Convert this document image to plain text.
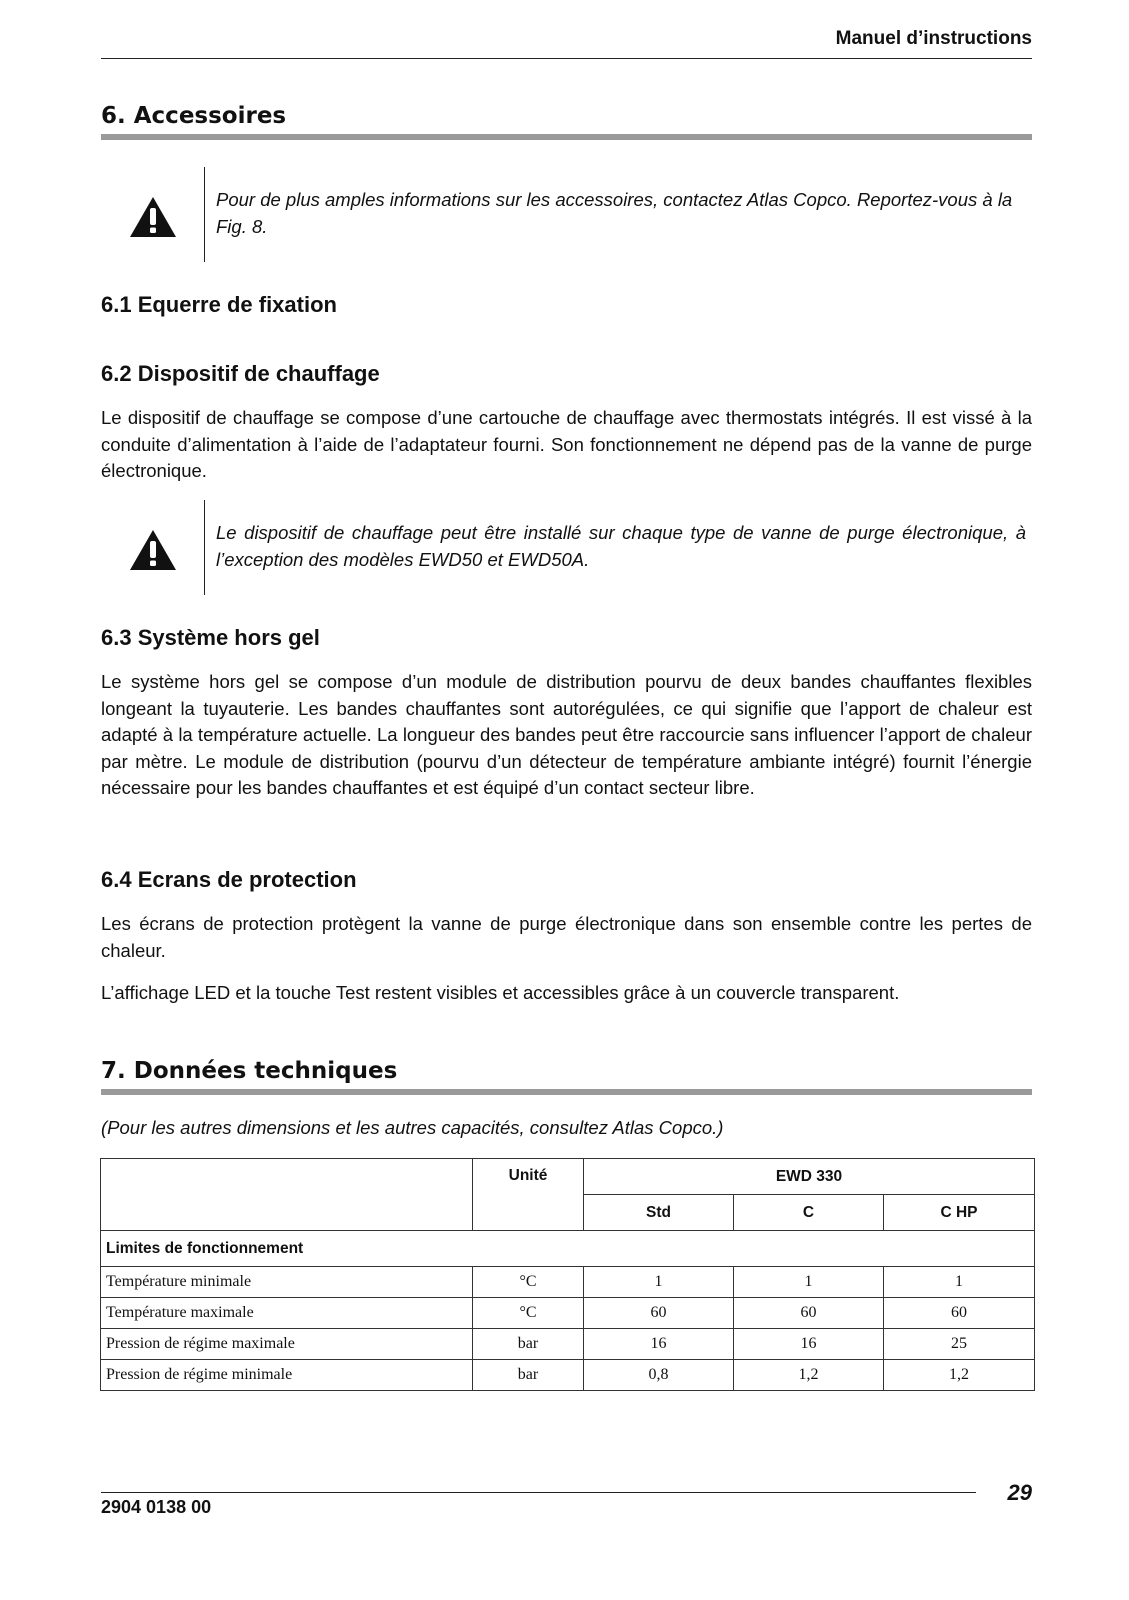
Manuel d’instructions
6. Accessoires

Pour de plus amples informations sur les accessoires, contactez Atlas Copco. Reportez-vous à la Fig. 8.

6.1 Equerre de fixation
6.2 Dispositif de chauffage

Le dispositif de chauffage se compose d’une cartouche de chauffage avec thermostats intégrés. Il est vissé à la conduite d’alimentation à l’aide de l’adaptateur fourni. Son fonctionnement ne dépend pas de la vanne de purge électronique.

Le dispositif de chauffage peut être installé sur chaque type de vanne de purge électronique, à l’exception des modèles EWD50 et EWD50A.

6.3 Système hors gel

Le système hors gel se compose d’un module de distribution pourvu de deux bandes chauffantes flexibles longeant la tuyauterie. Les bandes chauffantes sont autorégulées, ce qui signifie que l’apport de chaleur est adapté à la température actuelle. La longueur des bandes peut être raccourcie sans influencer l’apport de chaleur par mètre. Le module de distribution (pourvu d’un détecteur de température ambiante intégré) fournit l’énergie nécessaire pour les bandes chauffantes et est équipé d’un contact secteur libre.

6.4 Ecrans de protection

Les écrans de protection protègent la vanne de purge électronique dans son ensemble contre les pertes de chaleur.

L’affichage LED et la touche Test restent visibles et accessibles grâce à un couvercle transparent.

7. Données techniques

(Pour les autres dimensions et les autres capacités, consultez Atlas Copco.)

	Unité	EWD 330		
		Std	C	C HP
Limites de fonctionnement				
Température minimale	°C	1	1	1
Température maximale	°C	60	60	60
Pression de régime maximale	bar	16	16	25
Pression de régime minimale	bar	0,8	1,2	1,2
2904 0138 00
29
